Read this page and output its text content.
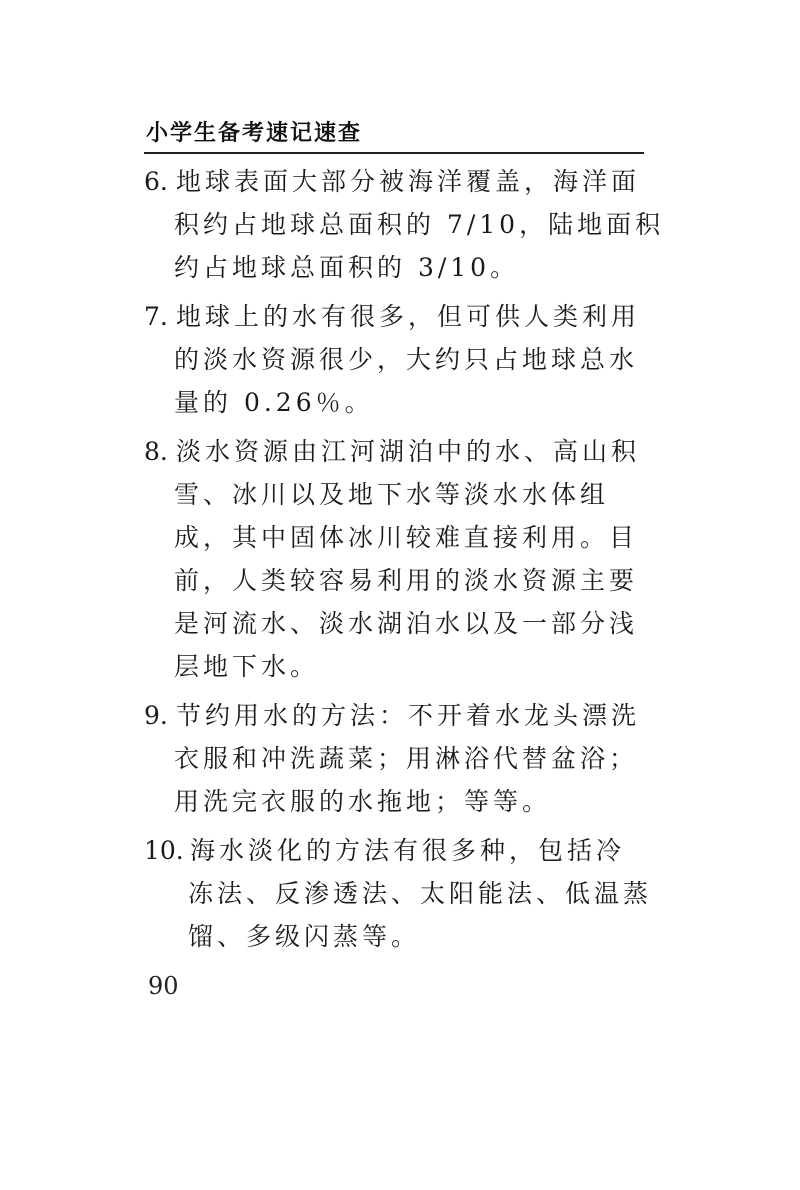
小学生备考速记速查
6. 地球表面大部分被海洋覆盖，海洋面
积约占地球总面积的 7/10，陆地面积
约占地球总面积的 3/10。
7. 地球上的水有很多，但可供人类利用
的淡水资源很少，大约只占地球总水
量的 0.26％。
8. 淡水资源由江河湖泊中的水、高山积
雪、冰川以及地下水等淡水水体组
成，其中固体冰川较难直接利用。目
前，人类较容易利用的淡水资源主要
是河流水、淡水湖泊水以及一部分浅
层地下水。
9. 节约用水的方法：不开着水龙头漂洗
衣服和冲洗蔬菜；用淋浴代替盆浴；
用洗完衣服的水拖地；等等。
10. 海水淡化的方法有很多种，包括冷
冻法、反渗透法、太阳能法、低温蒸
馏、多级闪蒸等。
90
